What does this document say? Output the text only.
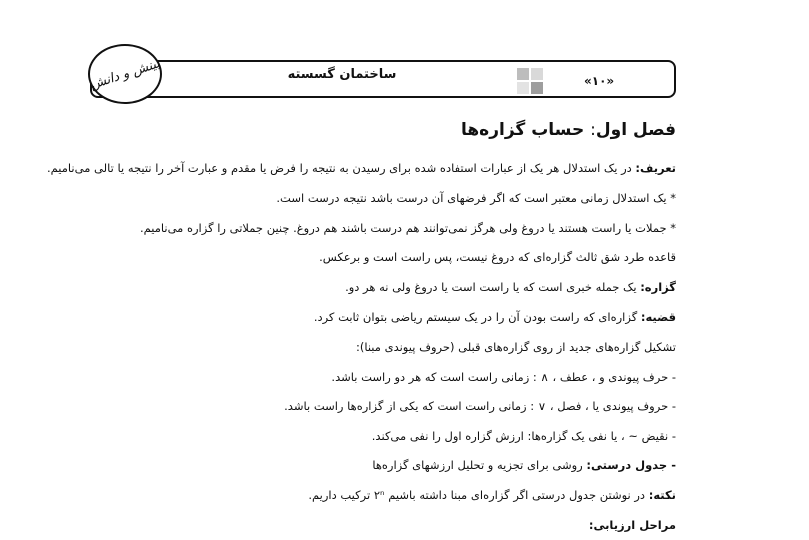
بینش و دانش	ساختمان گسسته	«۱۰»
فصل اول: حساب گزاره‌ها
تعریف: در یک استدلال هر یک از عبارات استفاده شده برای رسیدن به نتیجه را فرض یا مقدم و عبارت آخر را نتیجه یا تالی می‌نامیم.
* یک استدلال زمانی معتبر است که اگر فرضهای آن درست باشد نتیجه درست است.
* جملات یا راست هستند یا دروغ ولی هرگز نمی‌توانند هم درست باشند هم دروغ. چنین جملاتی را گزاره می‌نامیم.
قاعده طرد شق ثالث گزاره‌ای که دروغ نیست، پس راست است و برعکس.
گزاره: یک جمله خبری است که یا راست است یا دروغ ولی نه هر دو.
قضیه: گزاره‌ای که راست بودن آن را در یک سیستم ریاضی بتوان ثابت کرد.
تشکیل گزاره‌های جدید از روی گزاره‌های قبلی (حروف پیوندی مبنا):
- حرف پیوندی و ، عطف ، ∧ : زمانی راست است که هر دو راست باشد.
- حروف پیوندی یا ، فصل ، ∨ : زمانی راست است که یکی از گزاره‌ها راست باشد.
- نقیض ~ ، یا نفی یک گزاره‌ها: ارزش گزاره اول را نفی می‌کند.
- جدول درستی: روشی برای تجزیه و تحلیل ارزشهای گزاره‌ها
نکته: در نوشتن جدول درستی اگر گزاره‌ای مبنا داشته باشیم ۲ⁿ ترکیب داریم.
مراحل ارزیابی:
